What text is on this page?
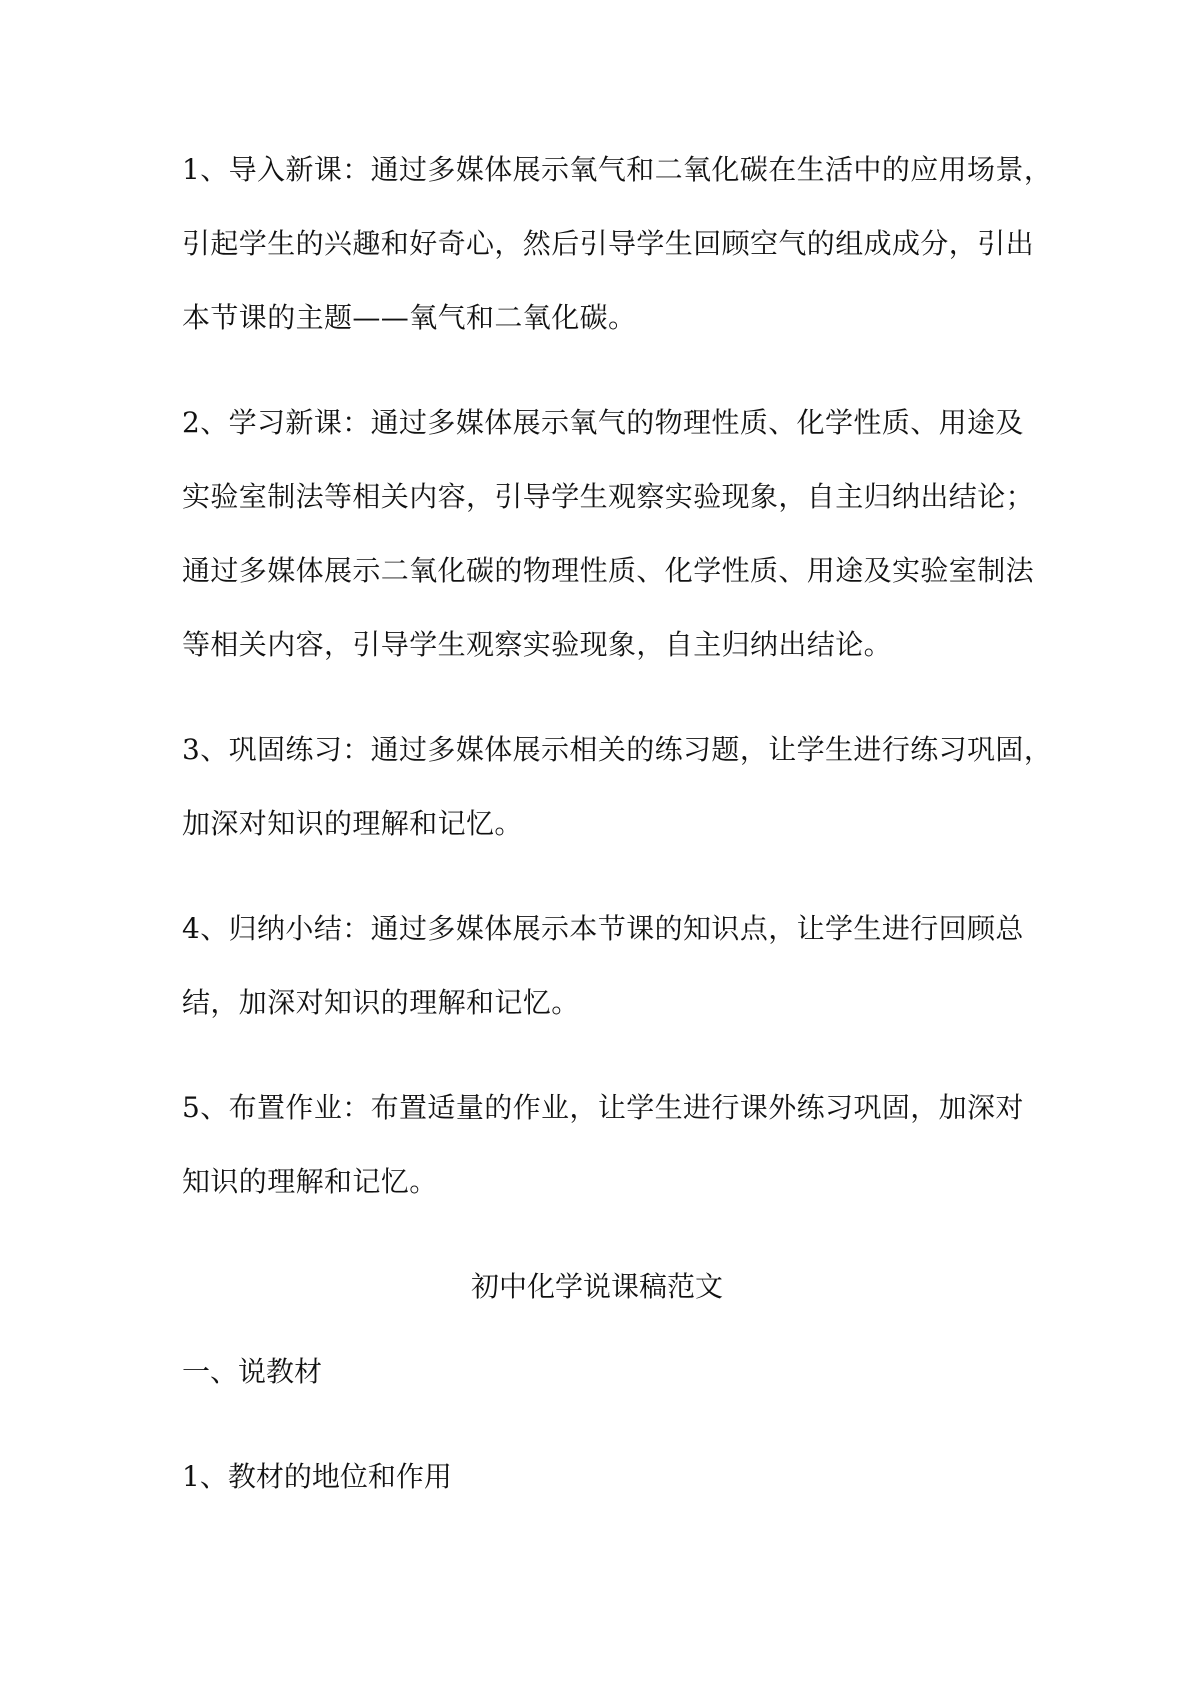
1、导入新课：通过多媒体展示氧气和二氧化碳在生活中的应用场景，
引起学生的兴趣和好奇心，然后引导学生回顾空气的组成成分，引出
本节课的主题——氧气和二氧化碳。
2、学习新课：通过多媒体展示氧气的物理性质、化学性质、用途及
实验室制法等相关内容，引导学生观察实验现象，自主归纳出结论；
通过多媒体展示二氧化碳的物理性质、化学性质、用途及实验室制法
等相关内容，引导学生观察实验现象，自主归纳出结论。
3、巩固练习：通过多媒体展示相关的练习题，让学生进行练习巩固，
加深对知识的理解和记忆。
4、归纳小结：通过多媒体展示本节课的知识点，让学生进行回顾总
结，加深对知识的理解和记忆。
5、布置作业：布置适量的作业，让学生进行课外练习巩固，加深对
知识的理解和记忆。
初中化学说课稿范文
一、说教材
1、教材的地位和作用
